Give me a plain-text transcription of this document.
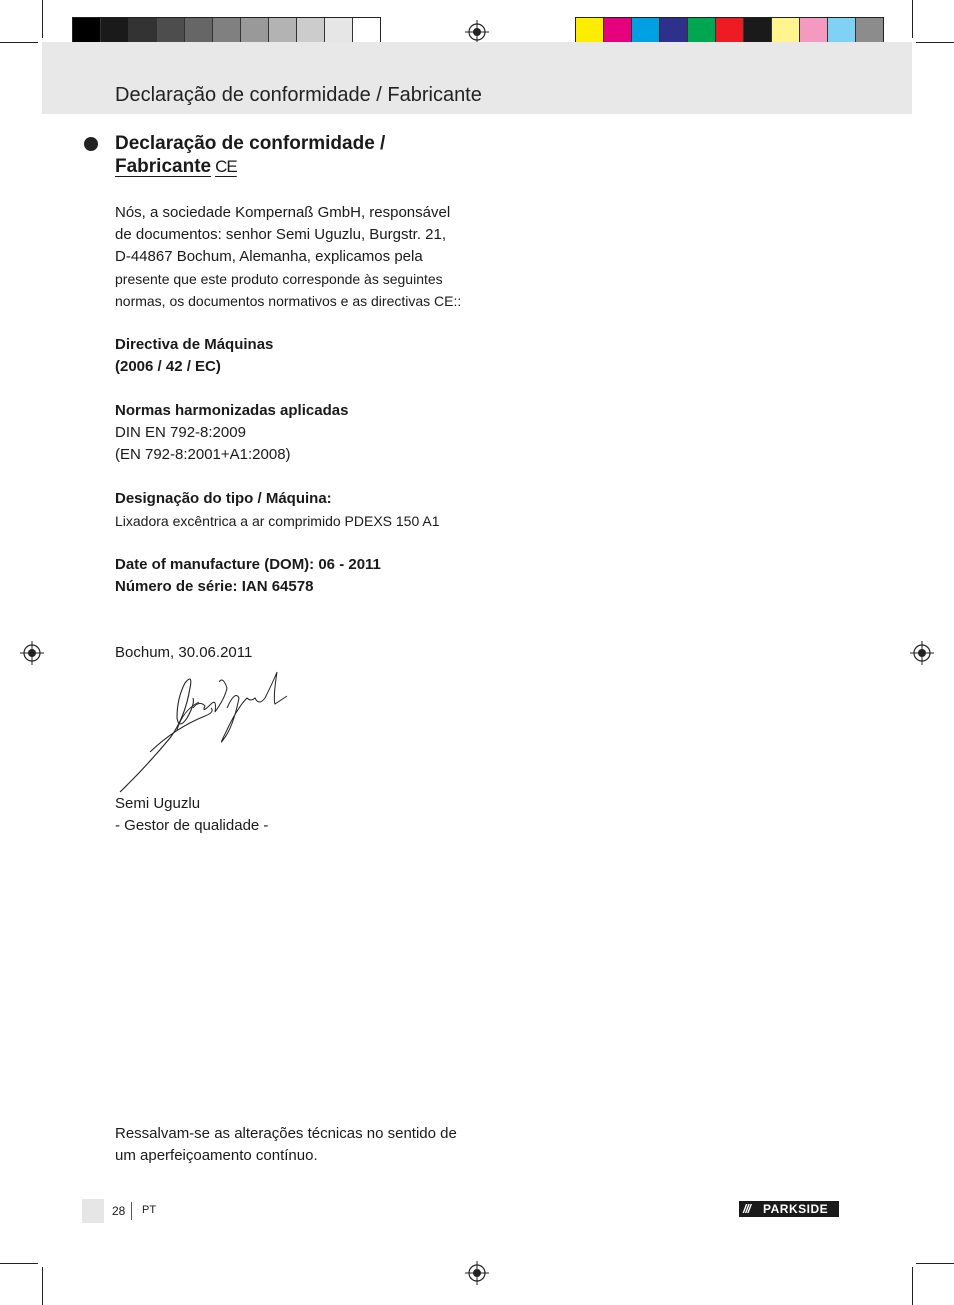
Declaração de conformidade / Fabricante
Declaração de conformidade /
Fabricante CE

Nós, a sociedade Kompernaß GmbH, responsável

de documentos: senhor Semi Uguzlu, Burgstr. 21,

D-44867 Bochum, Alemanha, explicamos pela

presente que este produto corresponde às seguintes

normas, os documentos normativos e as directivas CE::

Directiva de Máquinas

(2006 / 42 / EC)

Normas harmonizadas aplicadas

DIN EN 792-8:2009

(EN 792-8:2001+A1:2008)

Designação do tipo / Máquina:

Lixadora excêntrica a ar comprimido PDEXS 150 A1

Date of manufacture (DOM): 06 - 2011

Número de série: IAN 64578

Bochum, 30.06.2011

Semi Uguzlu

- Gestor de qualidade -

Ressalvam-se as alterações técnicas no sentido de

um aperfeiçoamento contínuo.

28 PT	/// PARKSIDE
